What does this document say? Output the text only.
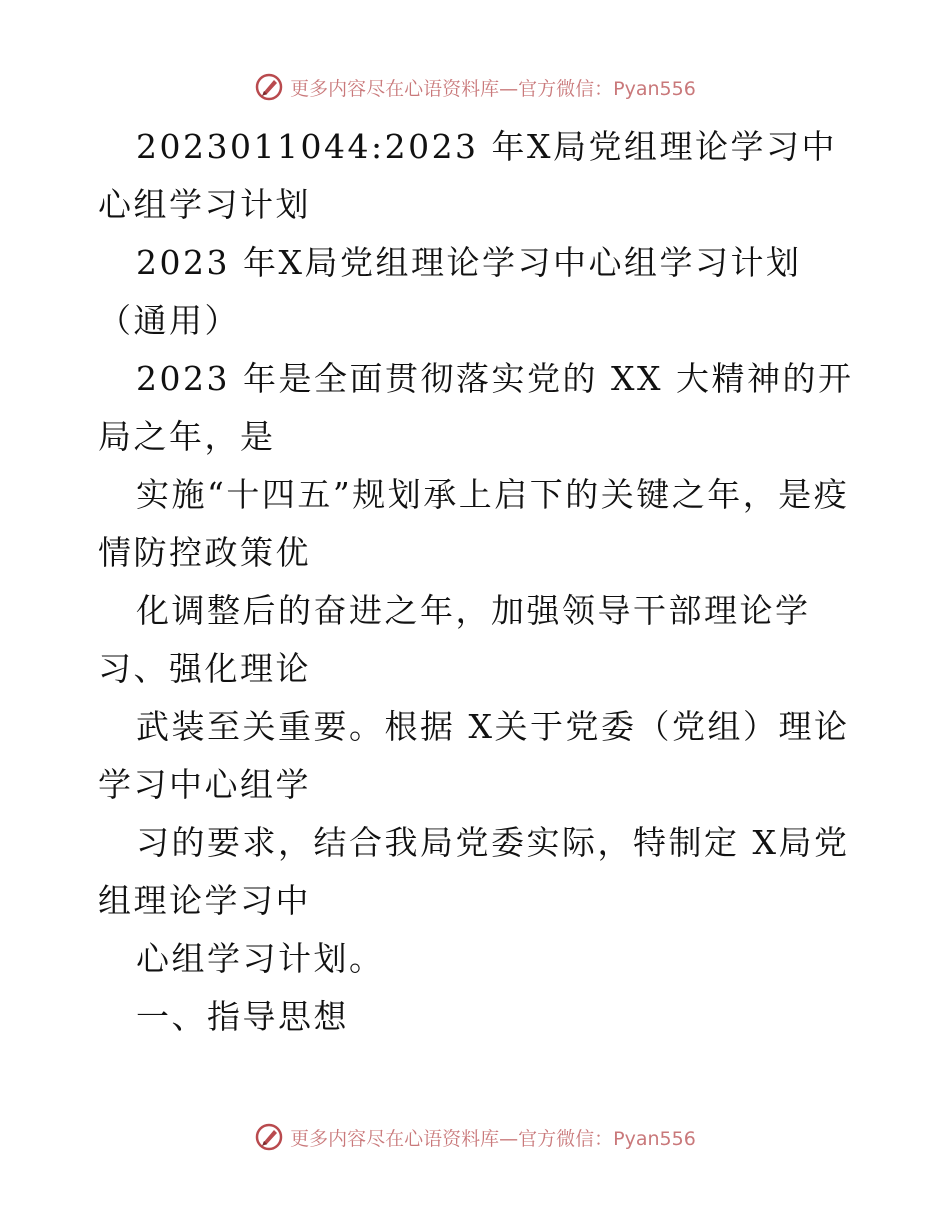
更多内容尽在心语资料库—官方微信：Pyan556

2023011044:2023 年X局党组理论学习中心组学习计划

2023 年X局党组理论学习中心组学习计划（通用）

2023 年是全面贯彻落实党的 XX 大精神的开局之年，是

实施“十四五”规划承上启下的关键之年，是疫情防控政策优

化调整后的奋进之年，加强领导干部理论学习、强化理论

武装至关重要。根据 X关于党委（党组）理论学习中心组学

习的要求，结合我局党委实际，特制定 X局党组理论学习中

心组学习计划。

一、指导思想

更多内容尽在心语资料库—官方微信：Pyan556
